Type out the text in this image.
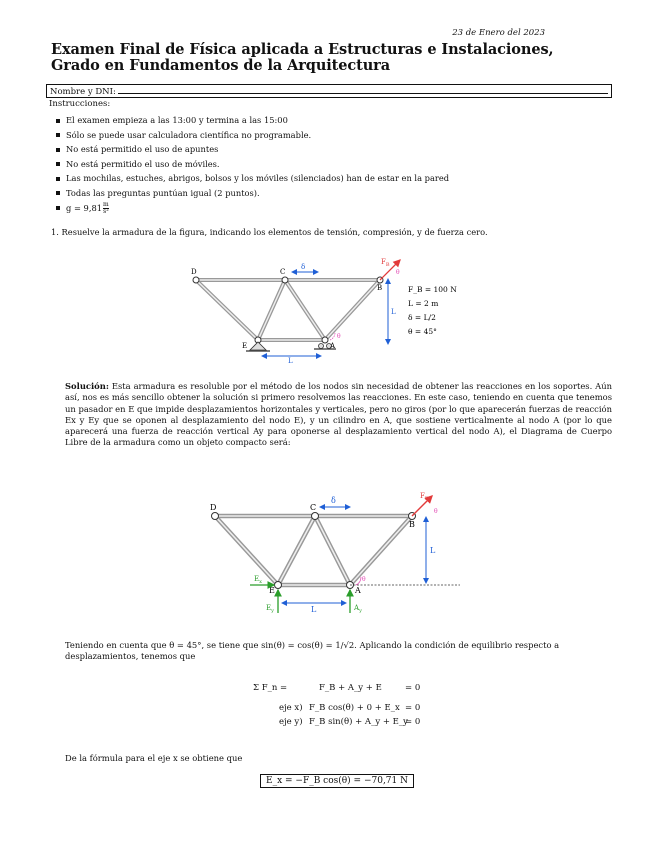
23 de Enero del 2023
Examen Final de Física aplicada a Estructuras e Instalaciones,
Grado en Fundamentos de la Arquitectura
Nombre y DNI:
Instrucciones:
El examen empieza a las 13:00 y termina a las 15:00
Sólo se puede usar calculadora científica no programable.
No está permitido el uso de apuntes
No está permitido el uso de móviles.
Las mochilas, estuches, abrigos, bolsos y los móviles (silenciados) han de estar en la pared
Todas las preguntas puntúan igual (2 puntos).
$g = 9,81 \frac{m}{\text{s²}}$
1. Resuelve la armadura de la figura, indicando los elementos de tensión, compresión, y de fuerza cero.
D	C
B
E	A
δ
L
L
$F_B$
θ
θ
F_B = 100 N
L = 2 m
δ = L/2
θ = 45°
Solución: Esta armadura es resoluble por el método de los nodos sin necesidad de obtener las reacciones en los soportes. Aún así, nos es más sencillo obtener la solución si primero resolvemos las reacciones. En este caso, teniendo en cuenta que tenemos un pasador en E que impide desplazamientos horizontales y verticales, pero no giros (por lo que aparecerán fuerzas de reacción Ex y Ey que se oponen al desplazamiento del nodo E), y un cilindro en A, que sostiene verticalmente al nodo A (por lo que aparecerá una fuerza de reacción vertical Ay para oponerse al desplazamiento vertical del nodo A), el Diagrama de Cuerpo Libre de la armadura como un objeto compacto será:
D	C
B
E	A
δ
L
L
$F_B$
θ
θ
$E_x$
$E_y$	$A_y$
Teniendo en cuenta que θ = 45°, se tiene que sin(θ) = cos(θ) = 1/√2. Aplicando la condición de equilibrio respecto a desplazamientos, tenemos que
Σ F_n =	F_B + A_y + E	= 0
eje x) F_B cos(θ) + 0 + E_x = 0
eje y) F_B sin(θ) + A_y + E_y= 0
De la fórmula para el eje x se obtiene que
E_x = −F_B cos(θ) = −70,71 N
